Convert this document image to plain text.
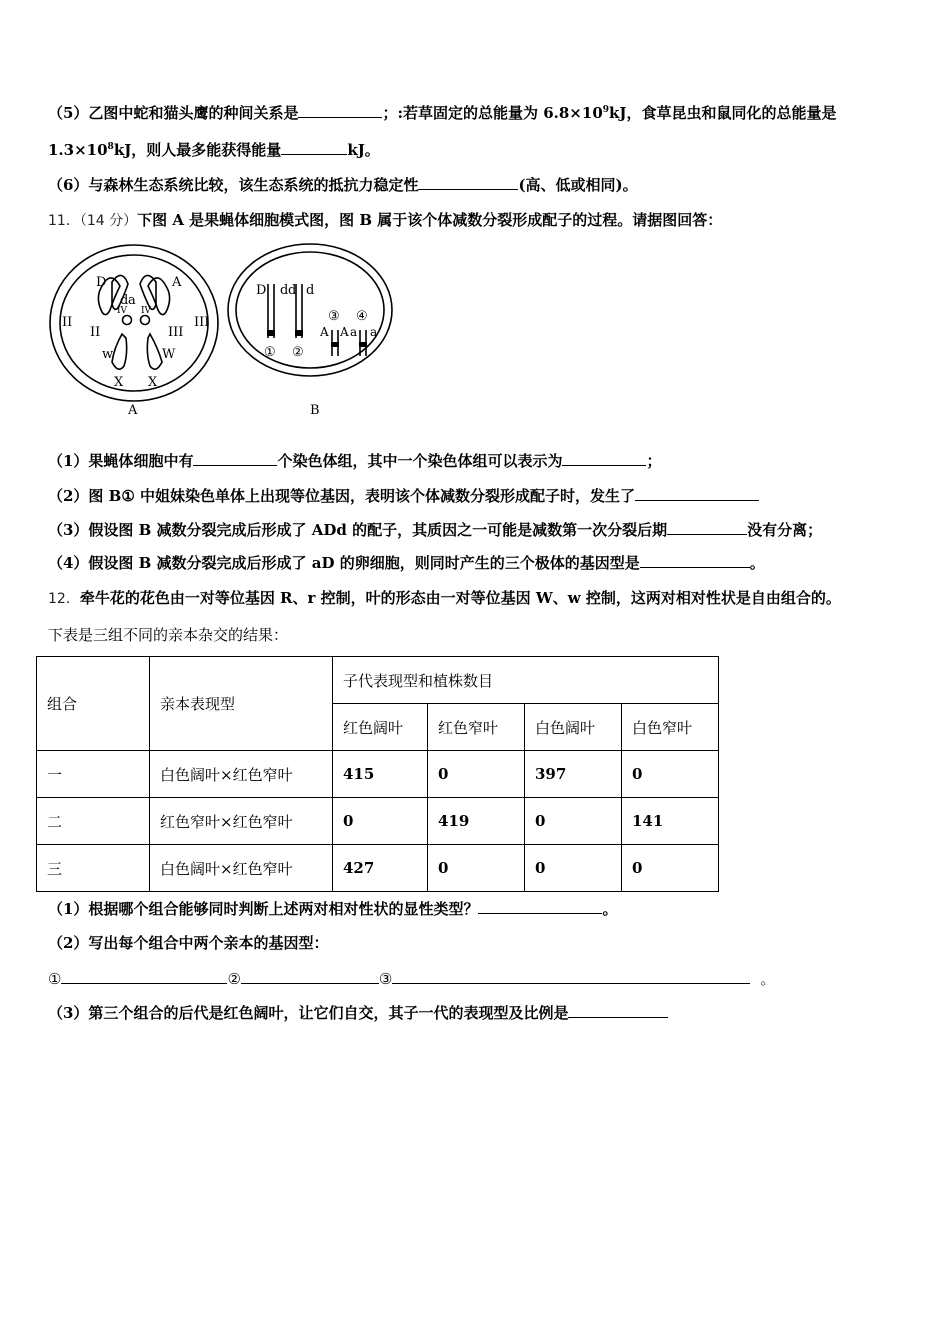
（5）乙图中蛇和猫头鹰的种间关系是	；:若草固定的总能量为 $6.8\times 10^9kJ$，食草昆虫和鼠同化的总能量是
$1.3\times 10^8kJ$，则人最多能获得能量	kJ。
（6）与森林生态系统比较，该生态系统的抵抗力稳定性	(高、低或相同)。
11．（14 分）下图 A 是果蝇体细胞模式图，图 B 属于该个体减数分裂形成配子的过程。请据图回答：
D
d a
A
II
II
IV IV
III
III
w	W
X X
A
D d d d
① ②
③ ④
A A a a
B
（1）果蝇体细胞中有	个染色体组，其中一个染色体组可以表示为	；
（2）图 B① 中姐妹染色单体上出现等位基因，表明该个体减数分裂形成配子时，发生了
（3）假设图 B 减数分裂完成后形成了 ADd 的配子，其质因之一可能是减数第一次分裂后期	没有分离；
（4）假设图 B 减数分裂完成后形成了 aD 的卵细胞，则同时产生的三个极体的基因型是	。
12．牵牛花的花色由一对等位基因 R、r 控制，叶的形态由一对等位基因 W、w 控制，这两对相对性状是自由组合的。
下表是三组不同的亲本杂交的结果：
组合	亲本表现型	子代表现型和植株数目			
		红色阔叶	红色窄叶	白色阔叶	白色窄叶
一	白色阔叶×红色窄叶	415	0	397	0
二	红色窄叶×红色窄叶	0	419	0	141
三	白色阔叶×红色窄叶	427	0	0	0
（1）根据哪个组合能够同时判断上述两对相对性状的显性类型？	。
（2）写出每个组合中两个亲本的基因型：
①	②	③	。
（3）第三个组合的后代是红色阔叶，让它们自交，其子一代的表现型及比例是
